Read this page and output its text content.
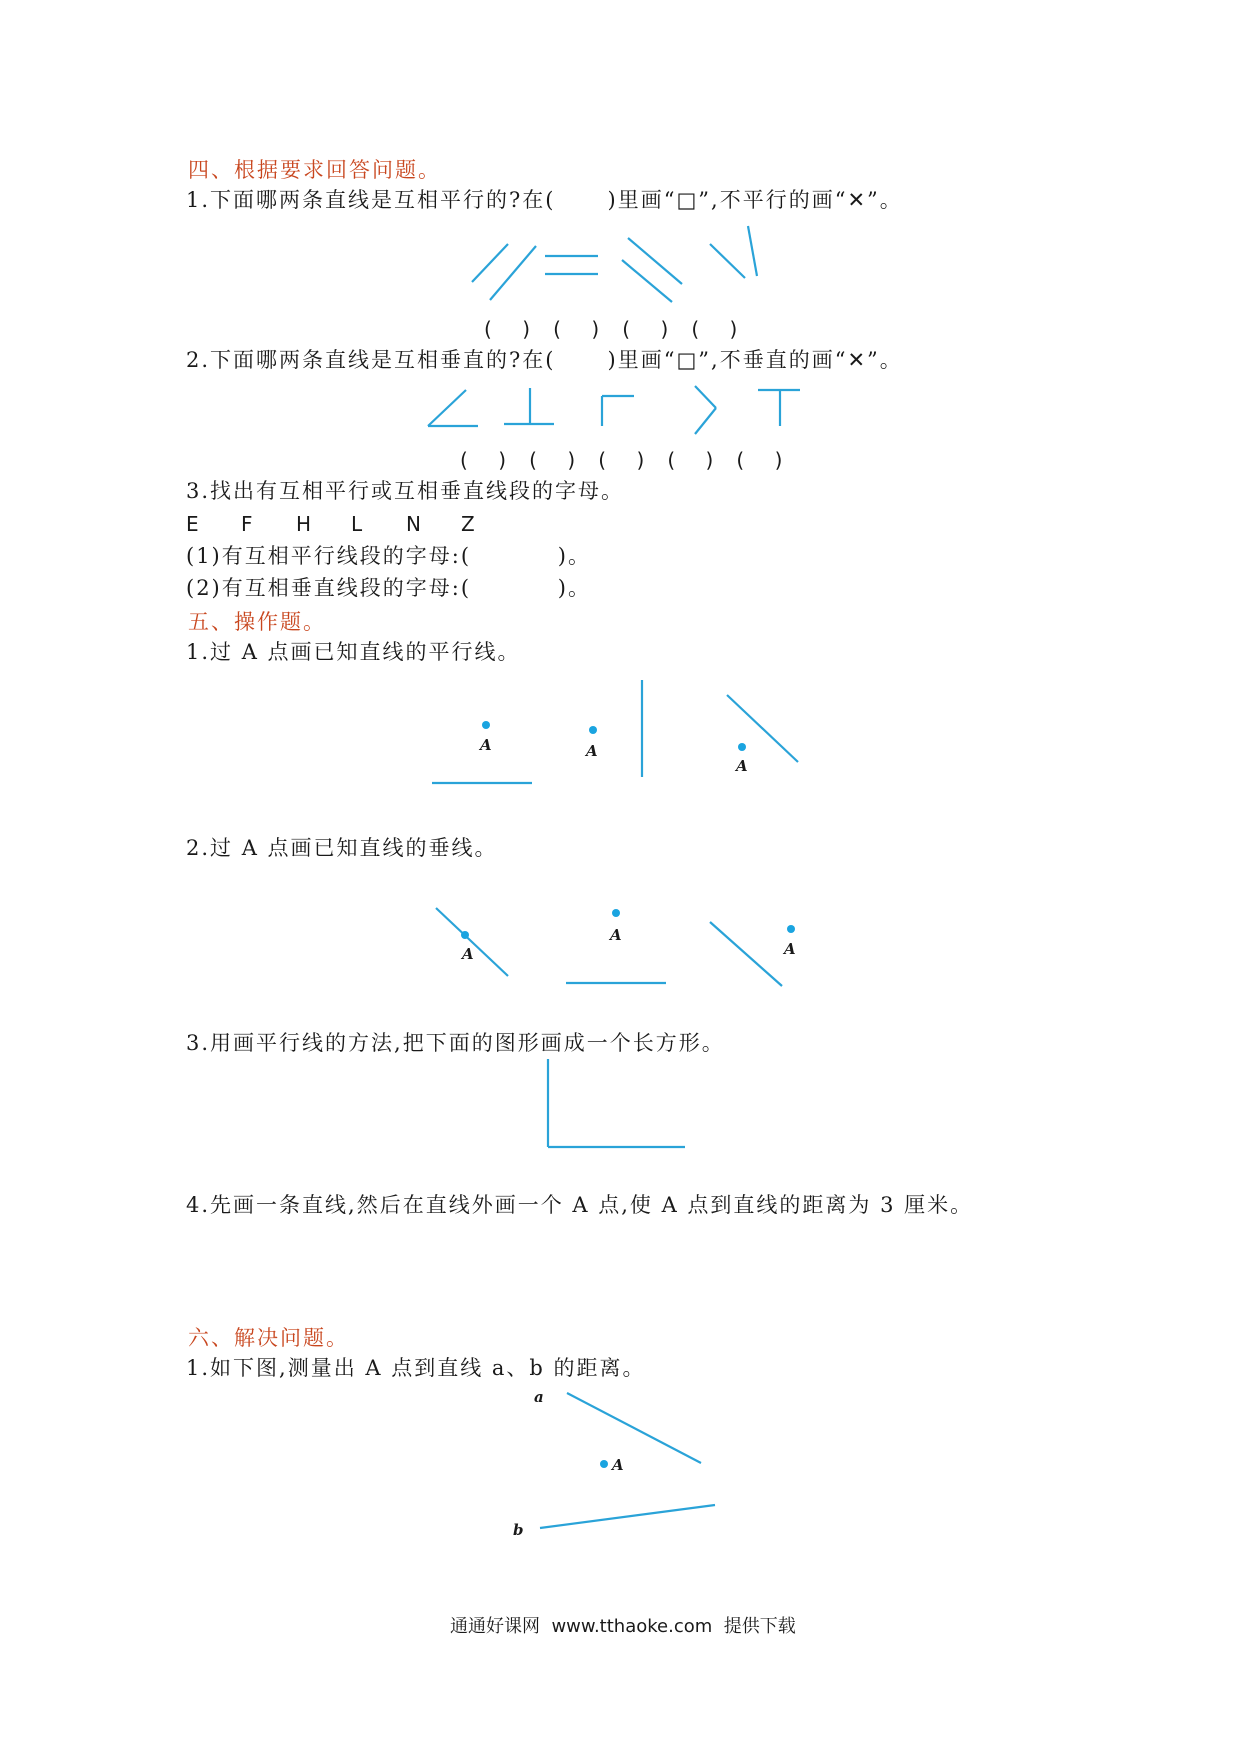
四、根据要求回答问题。
1.下面哪两条直线是互相平行的?在(      )里画“□”,不平行的画“✕”。
(    )   (    )   (    )   (    )
2.下面哪两条直线是互相垂直的?在(      )里画“□”,不垂直的画“✕”。
(    )   (    )   (    )   (    )   (    )
3.找出有互相平行或互相垂直线段的字母。
E F H L N Z
(1)有互相平行线段的字母:(          )。
(2)有互相垂直线段的字母:(          )。
五、操作题。
1.过 A 点画已知直线的平行线。
A	A
A
2.过 A 点画已知直线的垂线。
A
A
A
3.用画平行线的方法,把下面的图形画成一个长方形。
4.先画一条直线,然后在直线外画一个 A 点,使 A 点到直线的距离为 3 厘米。
六、解决问题。
1.如下图,测量出 A 点到直线 a、b 的距离。
a
A
b
通通好课网  www.tthaoke.com  提供下载
